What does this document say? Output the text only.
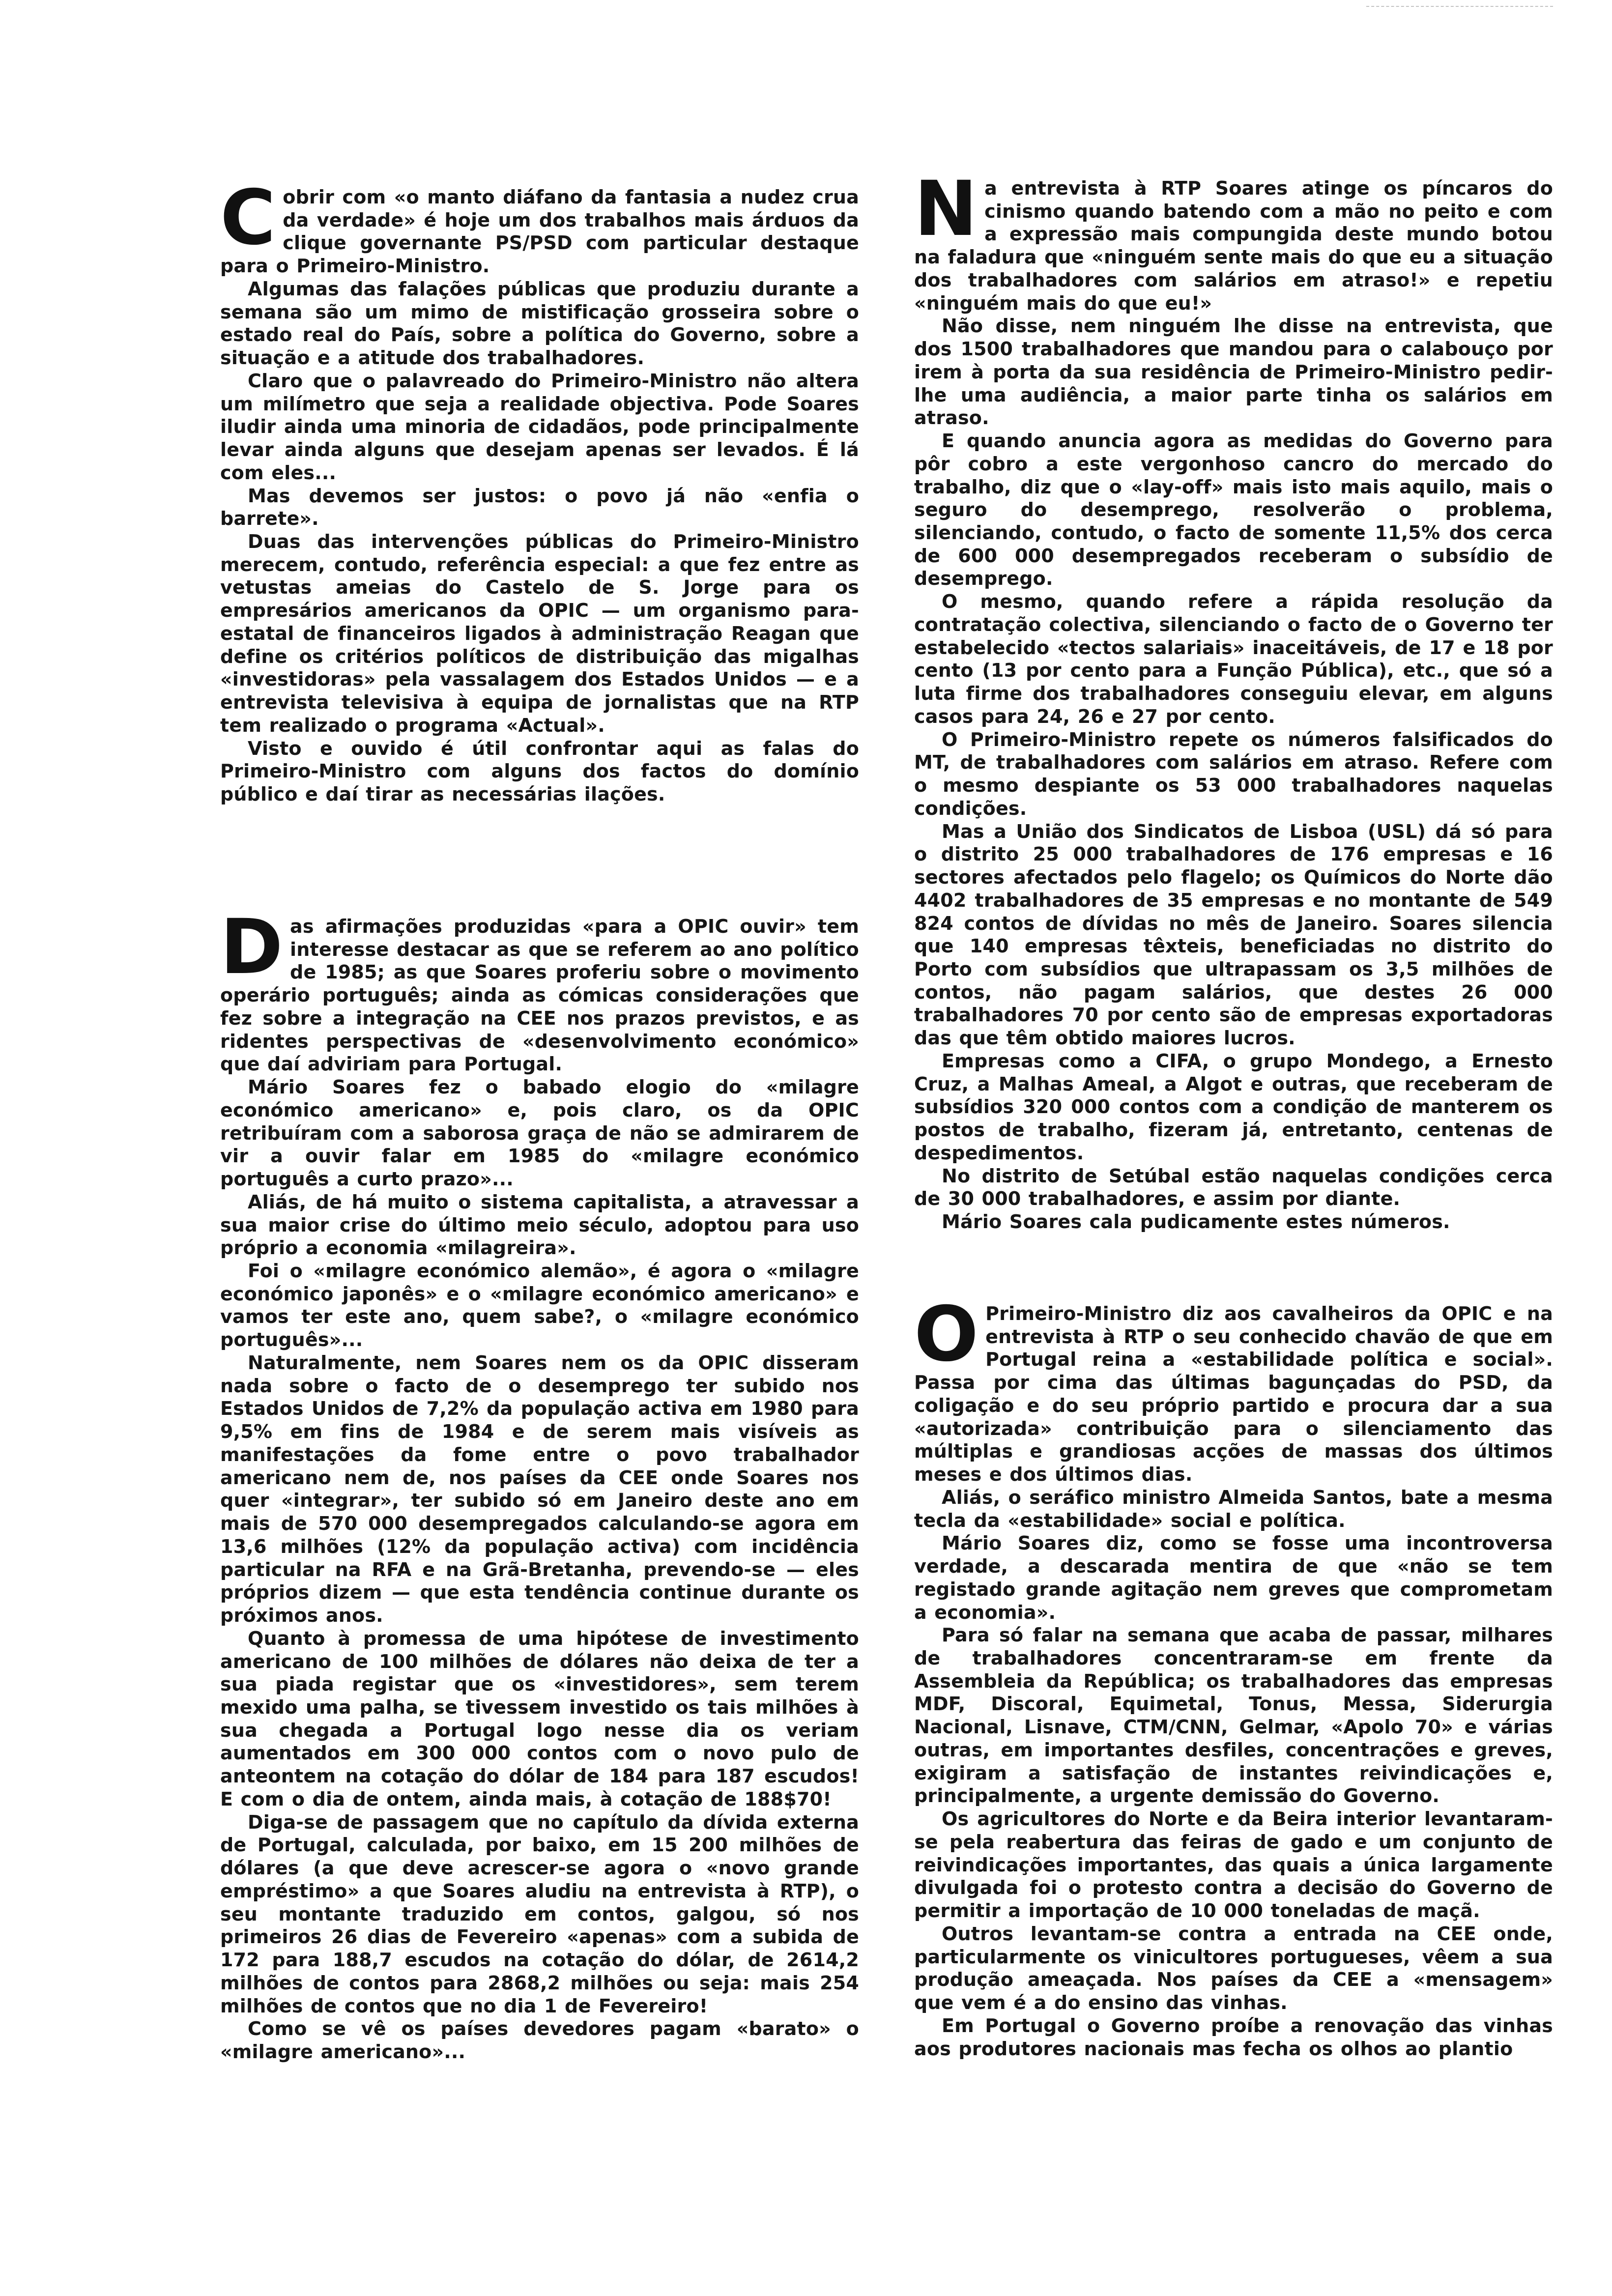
C obrir com «o manto diáfano da fantasia a nudez crua da verdade» é hoje um dos trabalhos mais árduos da clique governante PS/PSD com particular destaque para o Primeiro-Ministro.

Algumas das falações públicas que produziu durante a semana são um mimo de mistificação grosseira sobre o estado real do País, sobre a política do Governo, sobre a situação e a atitude dos trabalhadores.

Claro que o palavreado do Primeiro-Ministro não altera um milímetro que seja a realidade objectiva. Pode Soares iludir ainda uma minoria de cidadãos, pode principalmente levar ainda alguns que desejam apenas ser levados. É lá com eles...

Mas devemos ser justos: o povo já não «enfia o barrete».

Duas das intervenções públicas do Primeiro-Ministro merecem, contudo, referência especial: a que fez entre as vetustas ameias do Castelo de S. Jorge para os empresários americanos da OPIC — um organismo para-estatal de financeiros ligados à administração Reagan que define os critérios políticos de distribuição das migalhas «investidoras» pela vassalagem dos Estados Unidos — e a entrevista televisiva à equipa de jornalistas que na RTP tem realizado o programa «Actual».

Visto e ouvido é útil confrontar aqui as falas do Primeiro-Ministro com alguns dos factos do domínio público e daí tirar as necessárias ilações.

D as afirmações produzidas «para a OPIC ouvir» tem interesse destacar as que se referem ao ano político de 1985; as que Soares proferiu sobre o movimento operário português; ainda as cómicas considerações que fez sobre a integração na CEE nos prazos previstos, e as ridentes perspectivas de «desenvolvimento económico» que daí adviriam para Portugal.

Mário Soares fez o babado elogio do «milagre económico americano» e, pois claro, os da OPIC retribuíram com a saborosa graça de não se admirarem de vir a ouvir falar em 1985 do «milagre económico português a curto prazo»...

Aliás, de há muito o sistema capitalista, a atravessar a sua maior crise do último meio século, adoptou para uso próprio a economia «milagreira».

Foi o «milagre económico alemão», é agora o «milagre económico japonês» e o «milagre económico americano» e vamos ter este ano, quem sabe?, o «milagre económico português»...

Naturalmente, nem Soares nem os da OPIC disseram nada sobre o facto de o desemprego ter subido nos Estados Unidos de 7,2% da população activa em 1980 para 9,5% em fins de 1984 e de serem mais visíveis as manifestações da fome entre o povo trabalhador americano nem de, nos países da CEE onde Soares nos quer «integrar», ter subido só em Janeiro deste ano em mais de 570 000 desempregados calculando-se agora em 13,6 milhões (12% da população activa) com incidência particular na RFA e na Grã-Bretanha, prevendo-se — eles próprios dizem — que esta tendência continue durante os próximos anos.

Quanto à promessa de uma hipótese de investimento americano de 100 milhões de dólares não deixa de ter a sua piada registar que os «investidores», sem terem mexido uma palha, se tivessem investido os tais milhões à sua chegada a Portugal logo nesse dia os veriam aumentados em 300 000 contos com o novo pulo de anteontem na cotação do dólar de 184 para 187 escudos! E com o dia de ontem, ainda mais, à cotação de 188$70!

Diga-se de passagem que no capítulo da dívida externa de Portugal, calculada, por baixo, em 15 200 milhões de dólares (a que deve acrescer-se agora o «novo grande empréstimo» a que Soares aludiu na entrevista à RTP), o seu montante traduzido em contos, galgou, só nos primeiros 26 dias de Fevereiro «apenas» com a subida de 172 para 188,7 escudos na cotação do dólar, de 2614,2 milhões de contos para 2868,2 milhões ou seja: mais 254 milhões de contos que no dia 1 de Fevereiro!

Como se vê os países devedores pagam «barato» o «milagre americano»...

N a entrevista à RTP Soares atinge os píncaros do cinismo quando batendo com a mão no peito e com a expressão mais compungida deste mundo botou na faladura que «ninguém sente mais do que eu a situação dos trabalhadores com salários em atraso!» e repetiu «ninguém mais do que eu!»

Não disse, nem ninguém lhe disse na entrevista, que dos 1500 trabalhadores que mandou para o calabouço por irem à porta da sua residência de Primeiro-Ministro pedir-lhe uma audiência, a maior parte tinha os salários em atraso.

E quando anuncia agora as medidas do Governo para pôr cobro a este vergonhoso cancro do mercado do trabalho, diz que o «lay-off» mais isto mais aquilo, mais o seguro do desemprego, resolverão o problema, silenciando, contudo, o facto de somente 11,5% dos cerca de 600 000 desempregados receberam o subsídio de desemprego.

O mesmo, quando refere a rápida resolução da contratação colectiva, silenciando o facto de o Governo ter estabelecido «tectos salariais» inaceitáveis, de 17 e 18 por cento (13 por cento para a Função Pública), etc., que só a luta firme dos trabalhadores conseguiu elevar, em alguns casos para 24, 26 e 27 por cento.

O Primeiro-Ministro repete os números falsificados do MT, de trabalhadores com salários em atraso. Refere com o mesmo despiante os 53 000 trabalhadores naquelas condições.

Mas a União dos Sindicatos de Lisboa (USL) dá só para o distrito 25 000 trabalhadores de 176 empresas e 16 sectores afectados pelo flagelo; os Químicos do Norte dão 4402 trabalhadores de 35 empresas e no montante de 549 824 contos de dívidas no mês de Janeiro. Soares silencia que 140 empresas têxteis, beneficiadas no distrito do Porto com subsídios que ultrapassam os 3,5 milhões de contos, não pagam salários, que destes 26 000 trabalhadores 70 por cento são de empresas exportadoras das que têm obtido maiores lucros.

Empresas como a CIFA, o grupo Mondego, a Ernesto Cruz, a Malhas Ameal, a Algot e outras, que receberam de subsídios 320 000 contos com a condição de manterem os postos de trabalho, fizeram já, entretanto, centenas de despedimentos.

No distrito de Setúbal estão naquelas condições cerca de 30 000 trabalhadores, e assim por diante.

Mário Soares cala pudicamente estes números.

O Primeiro-Ministro diz aos cavalheiros da OPIC e na entrevista à RTP o seu conhecido chavão de que em Portugal reina a «estabilidade política e social». Passa por cima das últimas bagunçadas do PSD, da coligação e do seu próprio partido e procura dar a sua «autorizada» contribuição para o silenciamento das múltiplas e grandiosas acções de massas dos últimos meses e dos últimos dias.

Aliás, o seráfico ministro Almeida Santos, bate a mesma tecla da «estabilidade» social e política.

Mário Soares diz, como se fosse uma incontroversa verdade, a descarada mentira de que «não se tem registado grande agitação nem greves que comprometam a economia».

Para só falar na semana que acaba de passar, milhares de trabalhadores concentraram-se em frente da Assembleia da República; os trabalhadores das empresas MDF, Discoral, Equimetal, Tonus, Messa, Siderurgia Nacional, Lisnave, CTM/CNN, Gelmar, «Apolo 70» e várias outras, em importantes desfiles, concentrações e greves, exigiram a satisfação de instantes reivindicações e, principalmente, a urgente demissão do Governo.

Os agricultores do Norte e da Beira interior levantaram-se pela reabertura das feiras de gado e um conjunto de reivindicações importantes, das quais a única largamente divulgada foi o protesto contra a decisão do Governo de permitir a importação de 10 000 toneladas de maçã.

Outros levantam-se contra a entrada na CEE onde, particularmente os vinicultores portugueses, vêem a sua produção ameaçada. Nos países da CEE a «mensagem» que vem é a do ensino das vinhas.

Em Portugal o Governo proíbe a renovação das vinhas aos produtores nacionais mas fecha os olhos ao plantio
